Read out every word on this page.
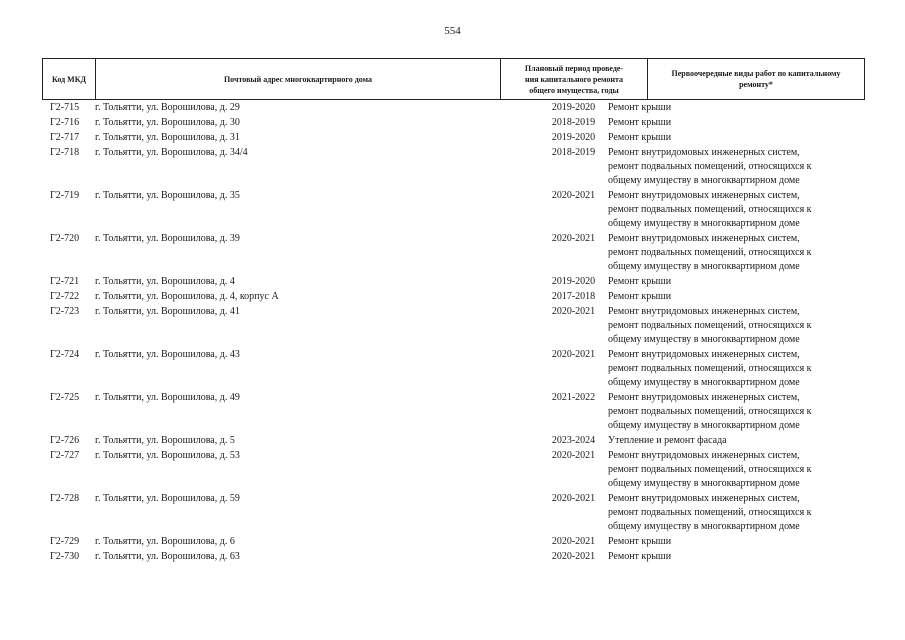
554
Код МКД	Почтовый адрес многоквартирного дома
Плановый период проведе-
ния капитального ремонта
общего имущества, годы
Первоочередные виды работ по капитальному ремонту*
Г2-715 г. Тольятти, ул. Ворошилова, д. 29	2019-2020	Ремонт крыши
Г2-716 г. Тольятти, ул. Ворошилова, д. 30	2018-2019	Ремонт крыши
Г2-717 г. Тольятти, ул. Ворошилова, д. 31	2019-2020	Ремонт крыши
Г2-718 г. Тольятти, ул. Ворошилова, д. 34/4	2018-2019	Ремонт внутридомовых инженерных систем,
ремонт подвальных помещений, относящихся к
общему имуществу в многоквартирном доме
Г2-719 г. Тольятти, ул. Ворошилова, д. 35	2020-2021	Ремонт внутридомовых инженерных систем,
ремонт подвальных помещений, относящихся к
общему имуществу в многоквартирном доме
Г2-720 г. Тольятти, ул. Ворошилова, д. 39	2020-2021	Ремонт внутридомовых инженерных систем,
ремонт подвальных помещений, относящихся к
общему имуществу в многоквартирном доме
Г2-721 г. Тольятти, ул. Ворошилова, д. 4	2019-2020	Ремонт крыши
Г2-722 г. Тольятти, ул. Ворошилова, д. 4, корпус А	2017-2018	Ремонт крыши
Г2-723 г. Тольятти, ул. Ворошилова, д. 41	2020-2021	Ремонт внутридомовых инженерных систем,
ремонт подвальных помещений, относящихся к
общему имуществу в многоквартирном доме
Г2-724 г. Тольятти, ул. Ворошилова, д. 43	2020-2021	Ремонт внутридомовых инженерных систем,
ремонт подвальных помещений, относящихся к
общему имуществу в многоквартирном доме
Г2-725 г. Тольятти, ул. Ворошилова, д. 49	2021-2022	Ремонт внутридомовых инженерных систем,
ремонт подвальных помещений, относящихся к
общему имуществу в многоквартирном доме
Г2-726 г. Тольятти, ул. Ворошилова, д. 5	2023-2024	Утепление и ремонт фасада
Г2-727 г. Тольятти, ул. Ворошилова, д. 53	2020-2021	Ремонт внутридомовых инженерных систем,
ремонт подвальных помещений, относящихся к
общему имуществу в многоквартирном доме
Г2-728 г. Тольятти, ул. Ворошилова, д. 59	2020-2021	Ремонт внутридомовых инженерных систем,
ремонт подвальных помещений, относящихся к
общему имуществу в многоквартирном доме
Г2-729 г. Тольятти, ул. Ворошилова, д. 6	2020-2021	Ремонт крыши
Г2-730 г. Тольятти, ул. Ворошилова, д. 63	2020-2021	Ремонт крыши
